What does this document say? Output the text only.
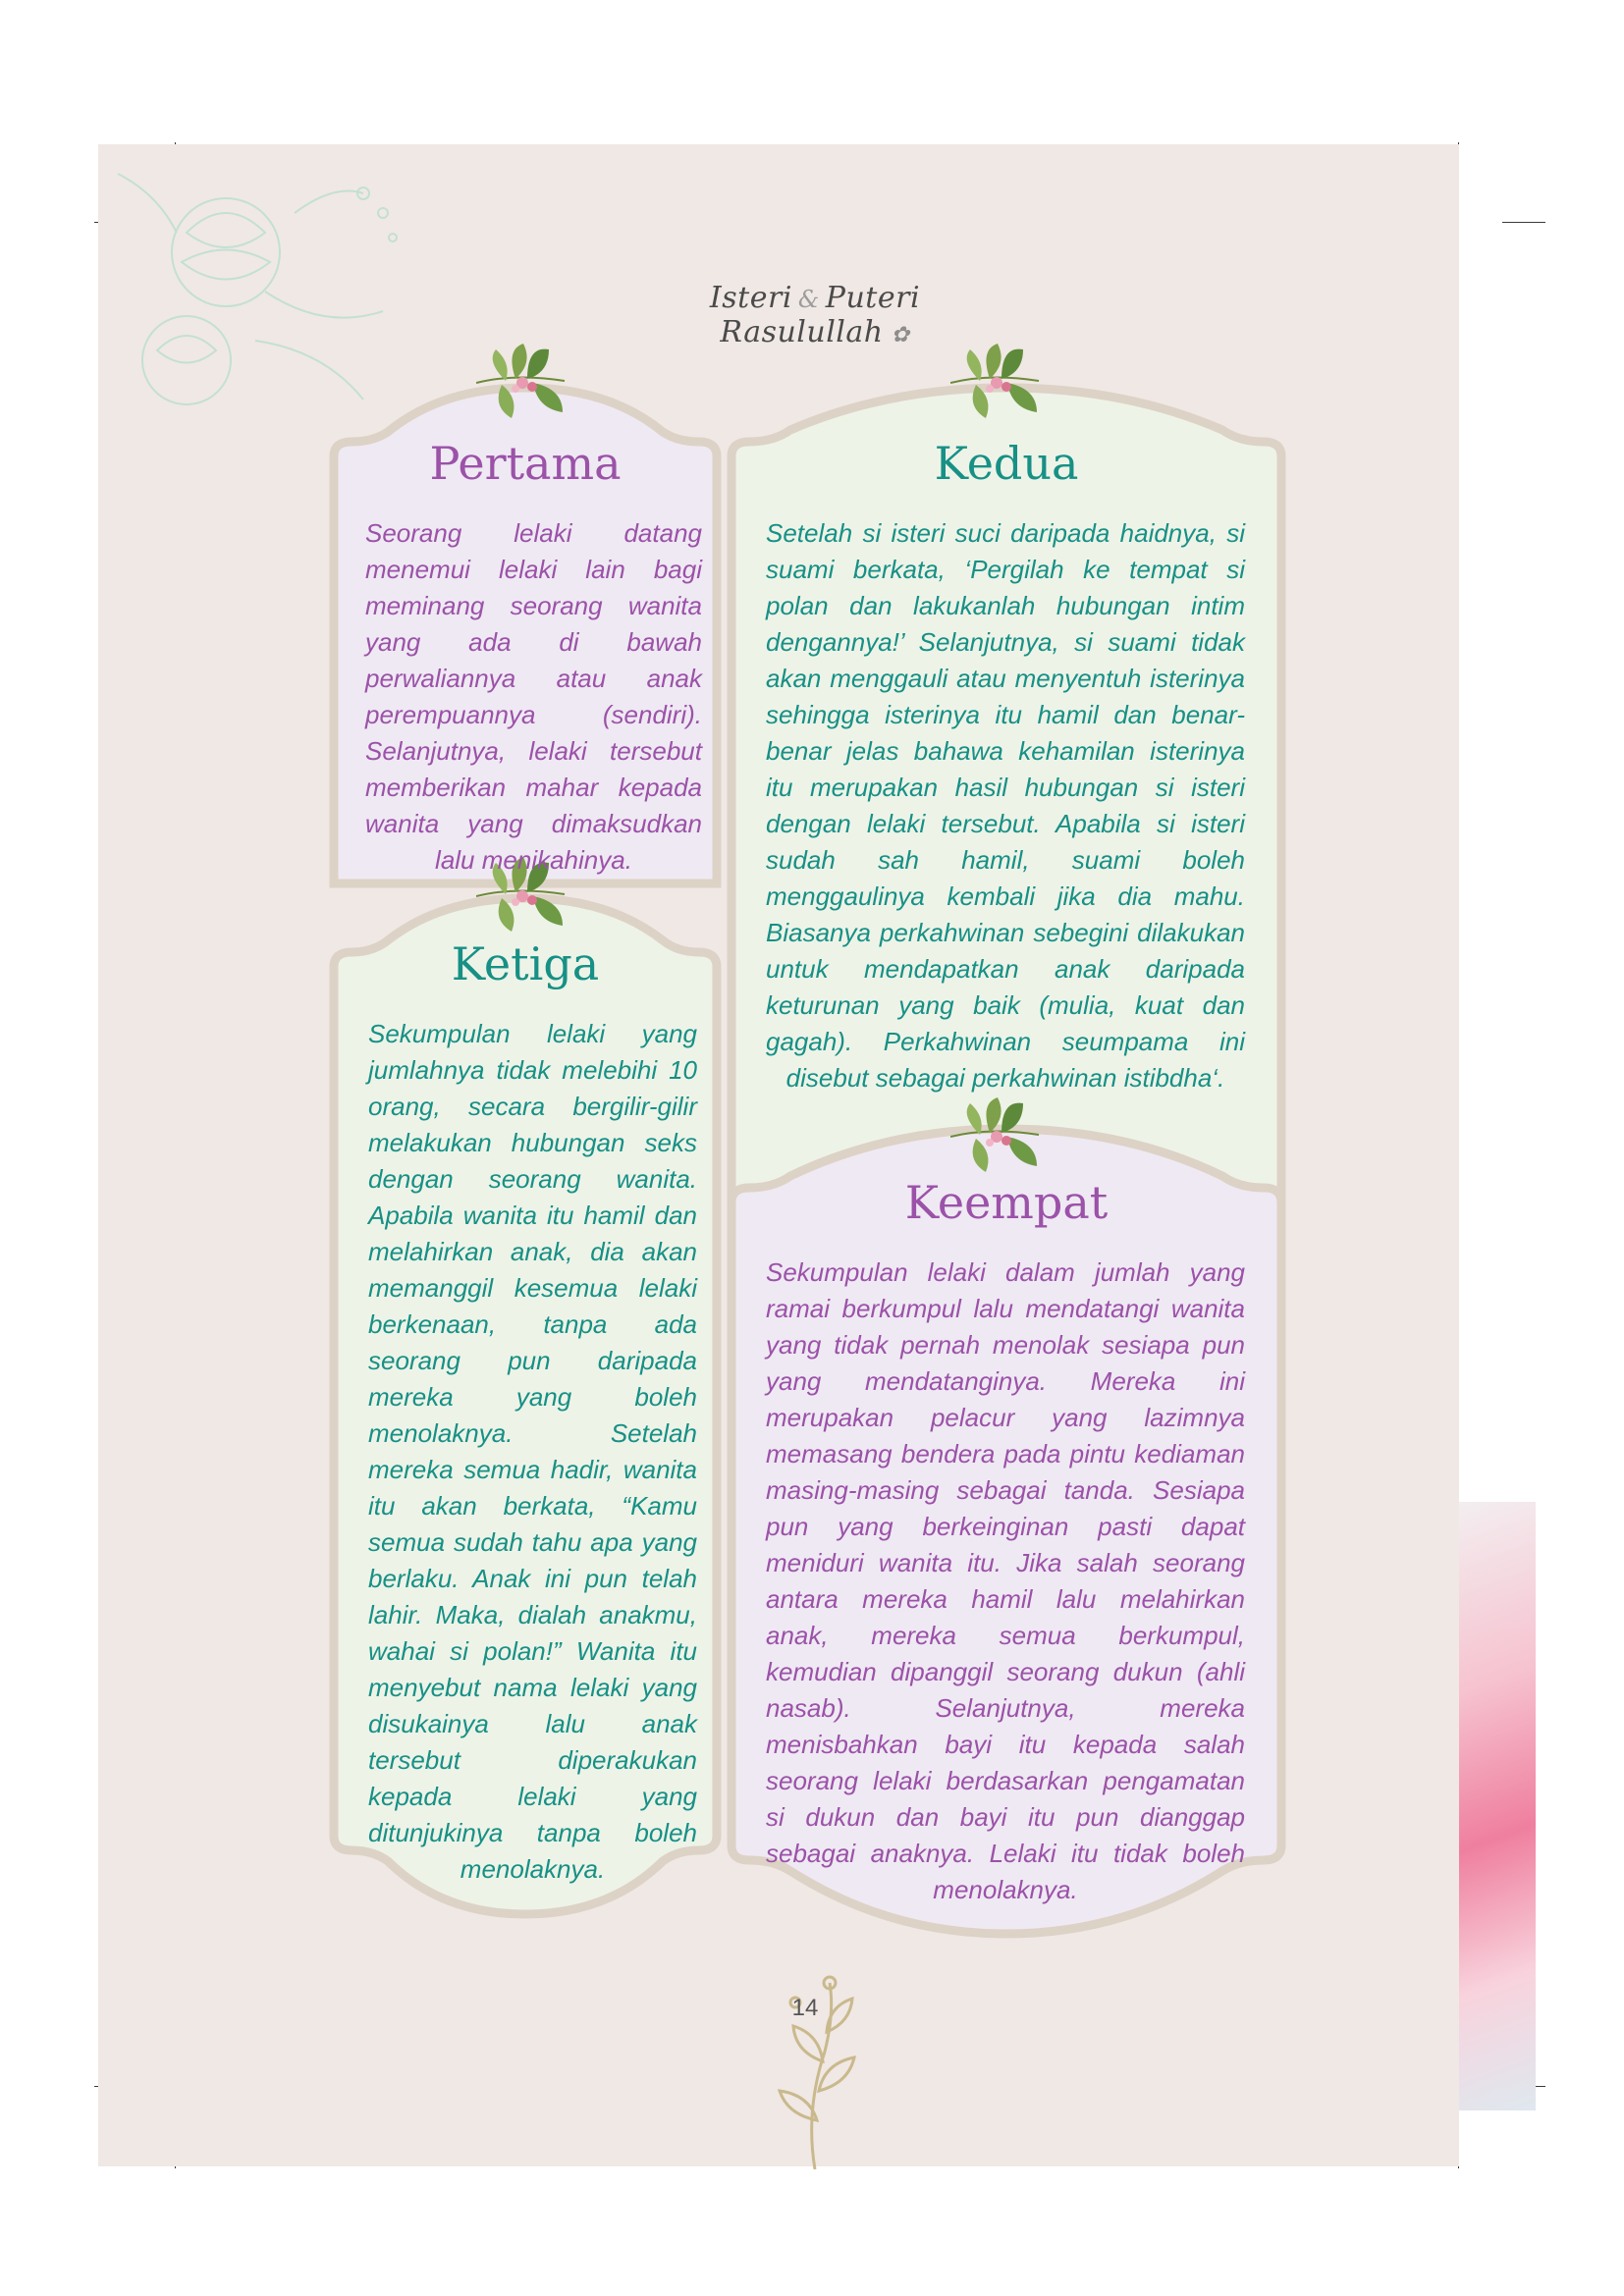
Isteri & Puteri Rasulullah ✿
Pertama
Seorang lelaki datang menemui lelaki lain bagi meminang seorang wanita yang ada di bawah perwaliannya atau anak perempuannya (sendiri). Selanjutnya, lelaki tersebut memberikan mahar kepada wanita yang dimaksudkan lalu menikahinya.
Kedua
Setelah si isteri suci daripada haidnya, si suami berkata, ‘Pergilah ke tempat si polan dan lakukanlah hubungan intim dengannya!’ Selanjutnya, si suami tidak akan menggauli atau menyentuh isterinya sehingga isterinya itu hamil dan benar-benar jelas bahawa kehamilan isterinya itu merupakan hasil hubungan si isteri dengan lelaki tersebut. Apabila si isteri sudah sah hamil, suami boleh menggaulinya kembali jika dia mahu. Biasanya perkahwinan sebegini dilakukan untuk mendapatkan anak daripada keturunan yang baik (mulia, kuat dan gagah). Perkahwinan seumpama ini disebut sebagai perkahwinan istibdha‘.
Ketiga
Sekumpulan lelaki yang jumlahnya tidak melebihi 10 orang, secara bergilir-gilir melakukan hubungan seks dengan seorang wanita. Apabila wanita itu hamil dan melahirkan anak, dia akan memanggil kesemua lelaki berkenaan, tanpa ada seorang pun daripada mereka yang boleh menolaknya. Setelah mereka semua hadir, wanita itu akan berkata, “Kamu semua sudah tahu apa yang berlaku. Anak ini pun telah lahir. Maka, dialah anakmu, wahai si polan!” Wanita itu menyebut nama lelaki yang disukainya lalu anak tersebut diperakukan kepada lelaki yang ditunjukinya tanpa boleh menolaknya.
Keempat
Sekumpulan lelaki dalam jumlah yang ramai berkumpul lalu mendatangi wanita yang tidak pernah menolak sesiapa pun yang mendatanginya. Mereka ini merupakan pelacur yang lazimnya memasang bendera pada pintu kediaman masing-masing sebagai tanda. Sesiapa pun yang berkeinginan pasti dapat meniduri wanita itu. Jika salah seorang antara mereka hamil lalu melahirkan anak, mereka semua berkumpul, kemudian dipanggil seorang dukun (ahli nasab). Selanjutnya, mereka menisbahkan bayi itu kepada salah seorang lelaki berdasarkan pengamatan si dukun dan bayi itu pun dianggap sebagai anaknya. Lelaki itu tidak boleh menolaknya.
14
